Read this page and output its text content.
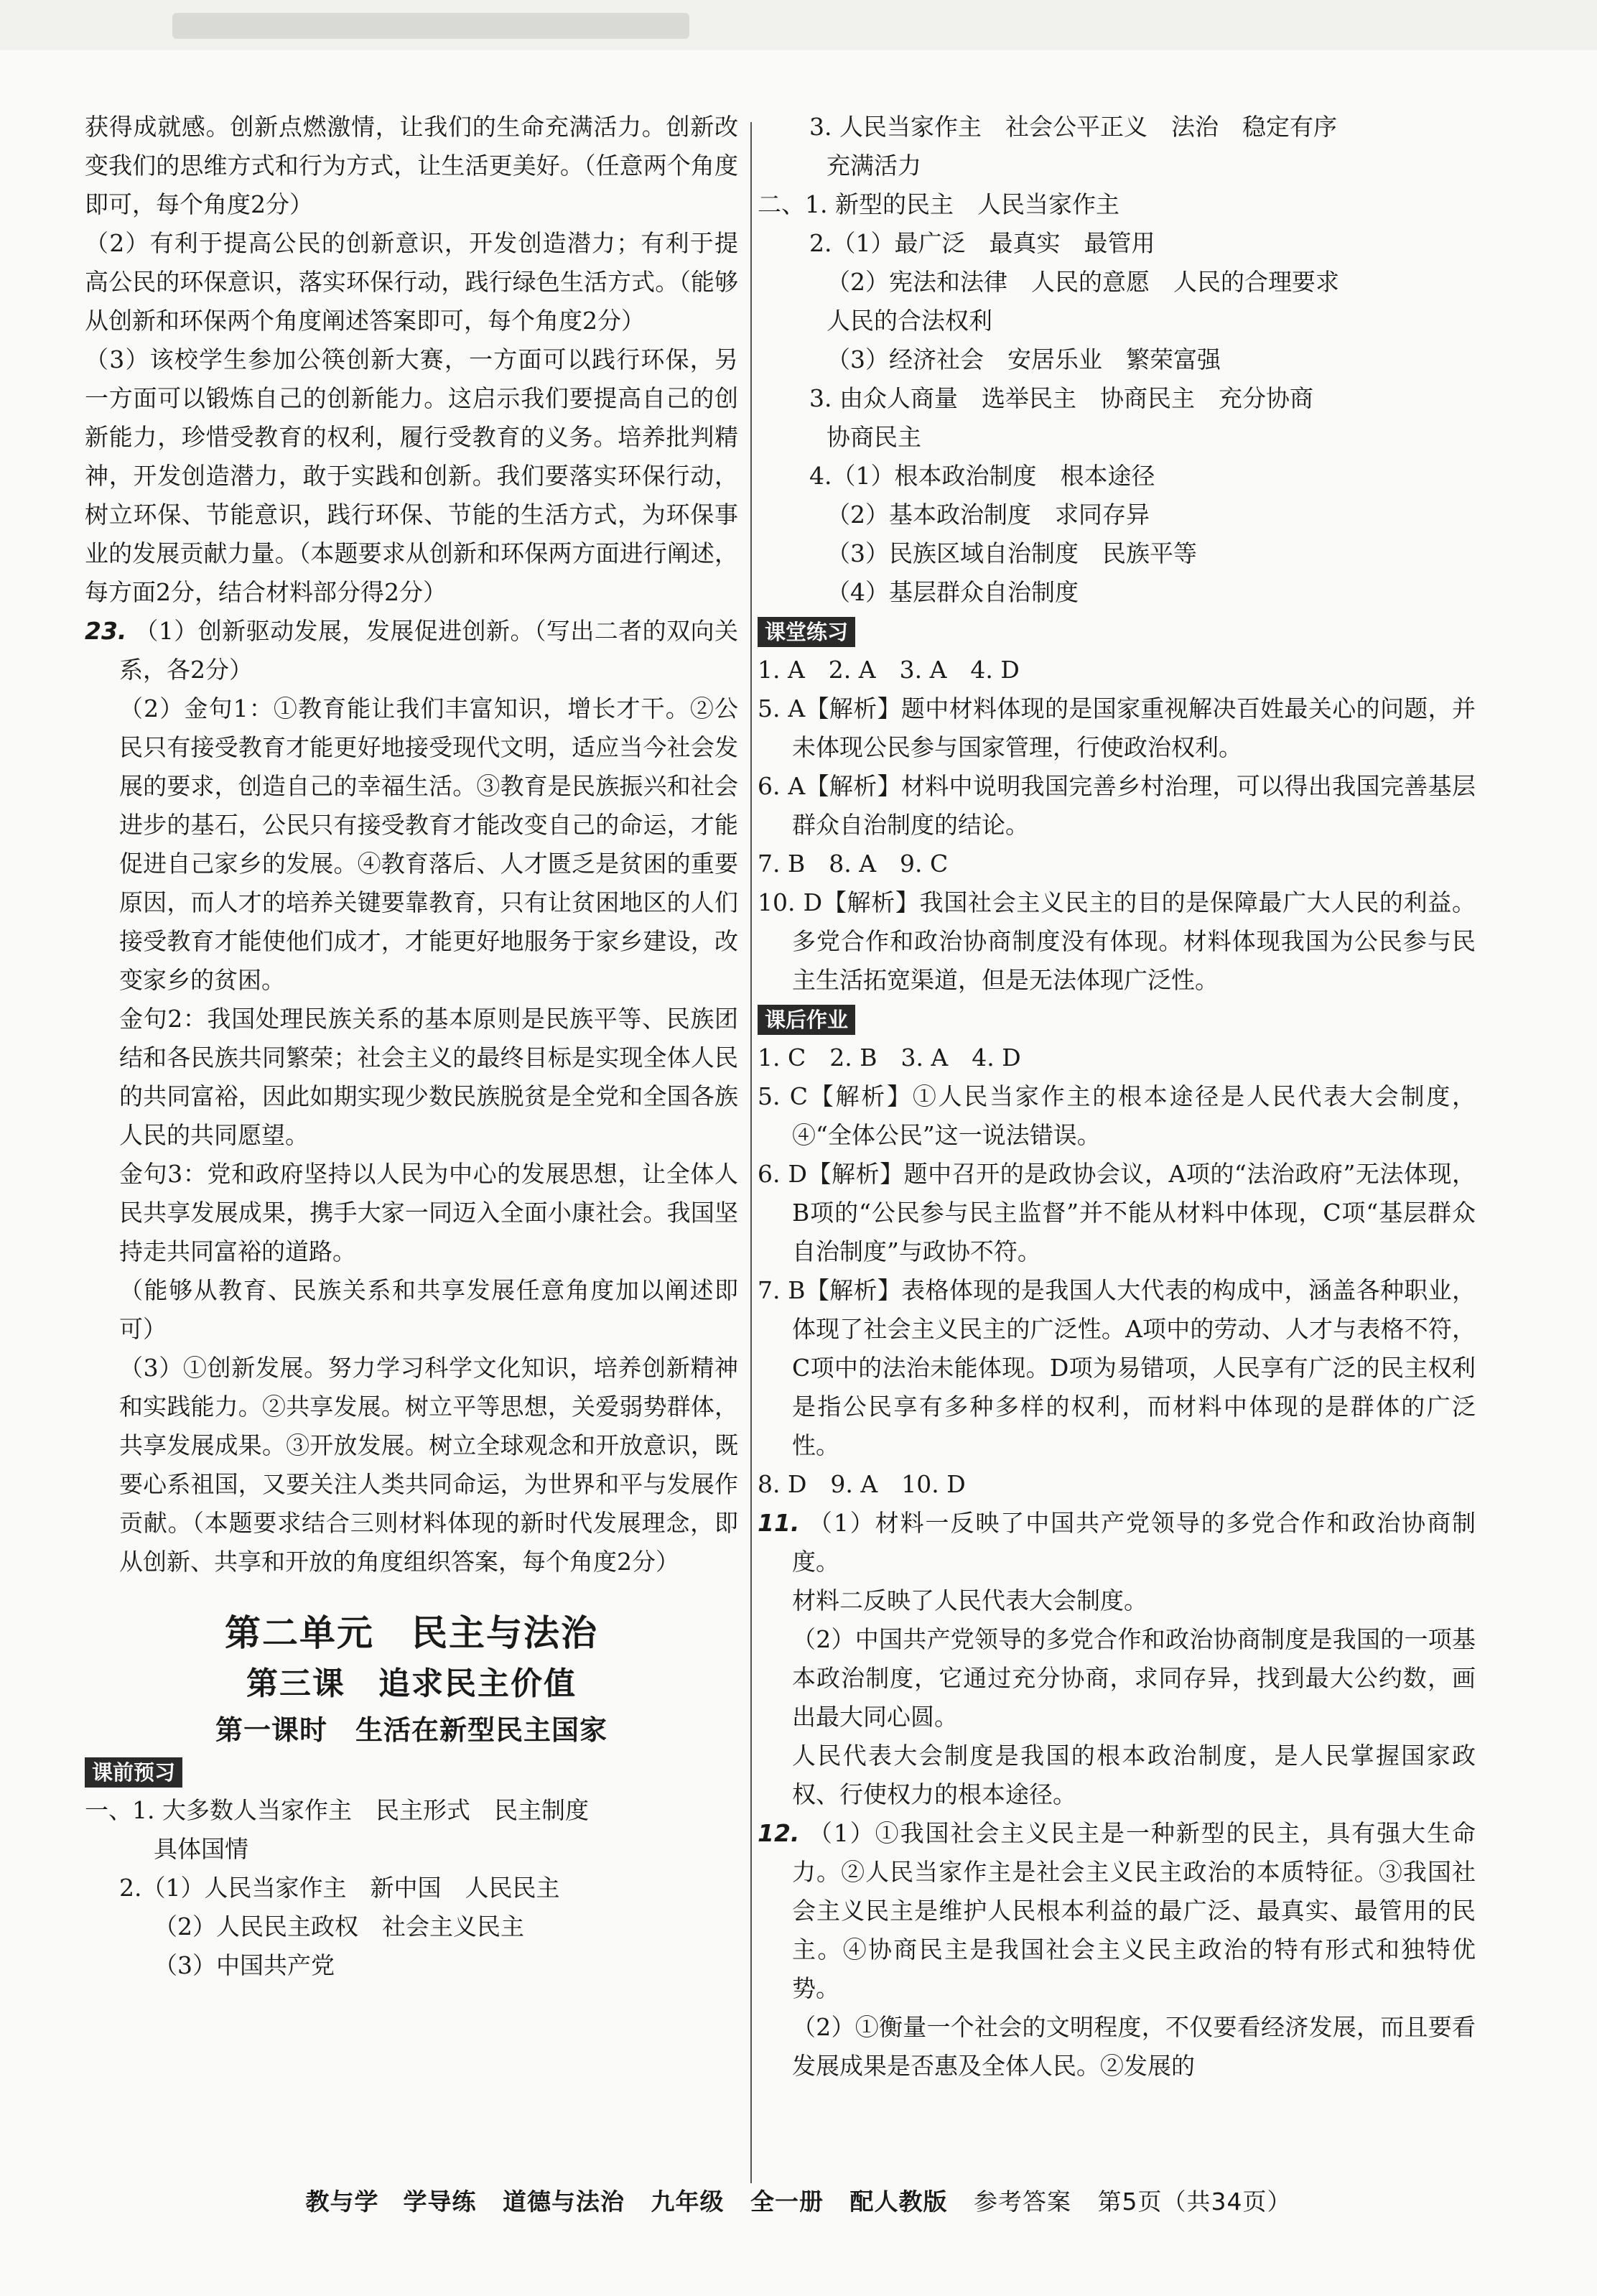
获得成就感。创新点燃激情，让我们的生命充满活力。创新改变我们的思维方式和行为方式，让生活更美好。（任意两个角度即可，每个角度2分）

（2）有利于提高公民的创新意识，开发创造潜力；有利于提高公民的环保意识，落实环保行动，践行绿色生活方式。（能够从创新和环保两个角度阐述答案即可，每个角度2分）

（3）该校学生参加公筷创新大赛，一方面可以践行环保，另一方面可以锻炼自己的创新能力。这启示我们要提高自己的创新能力，珍惜受教育的权利，履行受教育的义务。培养批判精神，开发创造潜力，敢于实践和创新。我们要落实环保行动，树立环保、节能意识，践行环保、节能的生活方式，为环保事业的发展贡献力量。（本题要求从创新和环保两方面进行阐述，每方面2分，结合材料部分得2分）

23. （1）创新驱动发展，发展促进创新。（写出二者的双向关系，各2分）

（2）金句1：①教育能让我们丰富知识，增长才干。②公民只有接受教育才能更好地接受现代文明，适应当今社会发展的要求，创造自己的幸福生活。③教育是民族振兴和社会进步的基石，公民只有接受教育才能改变自己的命运，才能促进自己家乡的发展。④教育落后、人才匮乏是贫困的重要原因，而人才的培养关键要靠教育，只有让贫困地区的人们接受教育才能使他们成才，才能更好地服务于家乡建设，改变家乡的贫困。

金句2：我国处理民族关系的基本原则是民族平等、民族团结和各民族共同繁荣；社会主义的最终目标是实现全体人民的共同富裕，因此如期实现少数民族脱贫是全党和全国各族人民的共同愿望。

金句3：党和政府坚持以人民为中心的发展思想，让全体人民共享发展成果，携手大家一同迈入全面小康社会。我国坚持走共同富裕的道路。

（能够从教育、民族关系和共享发展任意角度加以阐述即可）

（3）①创新发展。努力学习科学文化知识，培养创新精神和实践能力。②共享发展。树立平等思想，关爱弱势群体，共享发展成果。③开放发展。树立全球观念和开放意识，既要心系祖国，又要关注人类共同命运，为世界和平与发展作贡献。（本题要求结合三则材料体现的新时代发展理念，即从创新、共享和开放的角度组织答案，每个角度2分）

第二单元　民主与法治
第三课　追求民主价值
第一课时　生活在新型民主国家
课前预习

一、1. 大多数人当家作主　民主形式　民主制度

具体国情

2.（1）人民当家作主　新中国　人民民主

（2）人民民主政权　社会主义民主

（3）中国共产党

3. 人民当家作主　社会公平正义　法治　稳定有序

充满活力

二、1. 新型的民主　人民当家作主

2.（1）最广泛　最真实　最管用

（2）宪法和法律　人民的意愿　人民的合理要求

人民的合法权利

（3）经济社会　安居乐业　繁荣富强

3. 由众人商量　选举民主　协商民主　充分协商

协商民主

4.（1）根本政治制度　根本途径

（2）基本政治制度　求同存异

（3）民族区域自治制度　民族平等

（4）基层群众自治制度

课堂练习

1. A　2. A　3. A　4. D

5. A【解析】题中材料体现的是国家重视解决百姓最关心的问题，并未体现公民参与国家管理，行使政治权利。

6. A【解析】材料中说明我国完善乡村治理，可以得出我国完善基层群众自治制度的结论。

7. B　8. A　9. C

10. D【解析】我国社会主义民主的目的是保障最广大人民的利益。多党合作和政治协商制度没有体现。材料体现我国为公民参与民主生活拓宽渠道，但是无法体现广泛性。

课后作业

1. C　2. B　3. A　4. D

5. C【解析】①人民当家作主的根本途径是人民代表大会制度，④“全体公民”这一说法错误。

6. D【解析】题中召开的是政协会议，A项的“法治政府”无法体现，B项的“公民参与民主监督”并不能从材料中体现，C项“基层群众自治制度”与政协不符。

7. B【解析】表格体现的是我国人大代表的构成中，涵盖各种职业，体现了社会主义民主的广泛性。A项中的劳动、人才与表格不符，C项中的法治未能体现。D项为易错项，人民享有广泛的民主权利是指公民享有多种多样的权利，而材料中体现的是群体的广泛性。

8. D　9. A　10. D

11. （1）材料一反映了中国共产党领导的多党合作和政治协商制度。

材料二反映了人民代表大会制度。

（2）中国共产党领导的多党合作和政治协商制度是我国的一项基本政治制度，它通过充分协商，求同存异，找到最大公约数，画出最大同心圆。

人民代表大会制度是我国的根本政治制度，是人民掌握国家政权、行使权力的根本途径。

12. （1）①我国社会主义民主是一种新型的民主，具有强大生命力。②人民当家作主是社会主义民主政治的本质特征。③我国社会主义民主是维护人民根本利益的最广泛、最真实、最管用的民主。④协商民主是我国社会主义民主政治的特有形式和独特优势。

（2）①衡量一个社会的文明程度，不仅要看经济发展，而且要看发展成果是否惠及全体人民。②发展的

教与学　学导练 道德与法治 九年级 全一册 配人教版 参考答案 第5页（共34页）
